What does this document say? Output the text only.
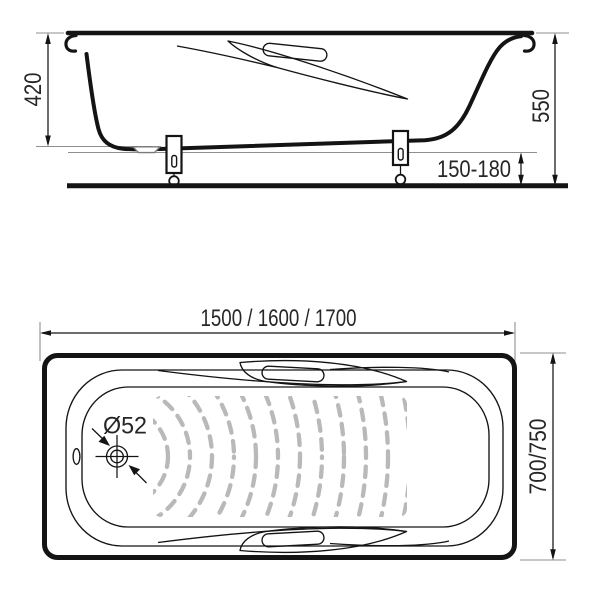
420	550
150-180
1500 / 1600 / 1700
700/750
Ø52
